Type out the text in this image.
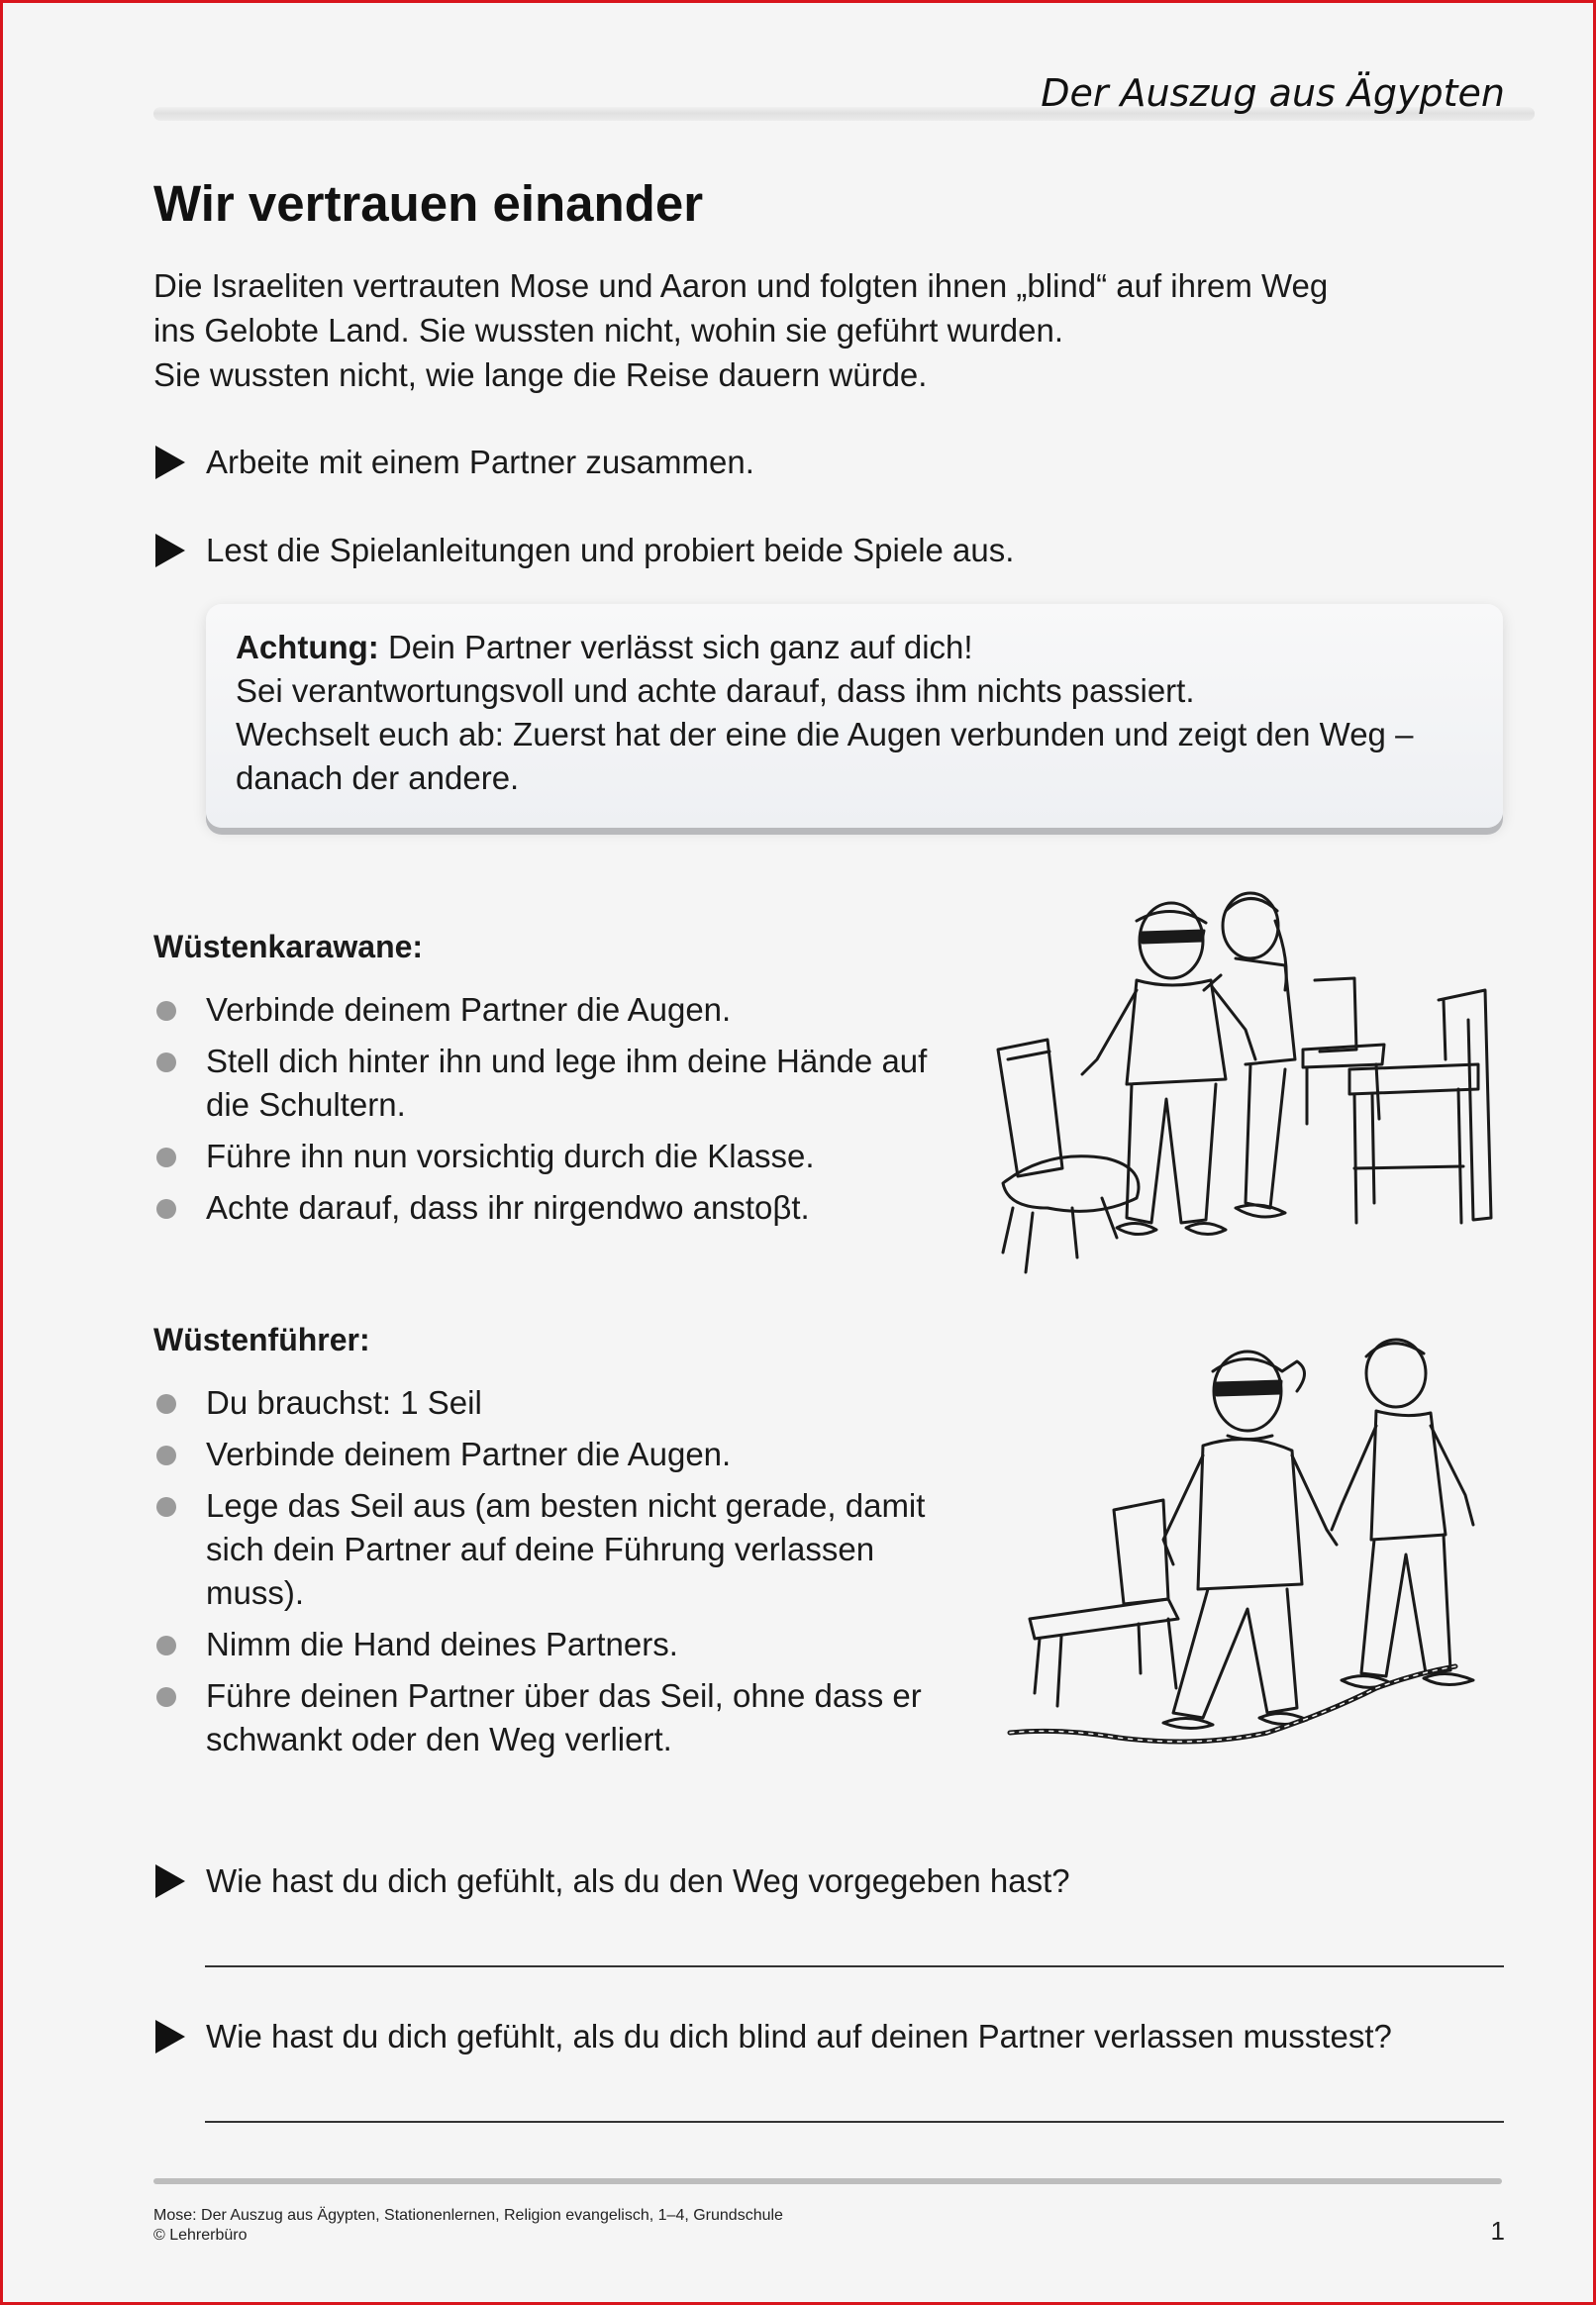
Der Auszug aus Ägypten
Wir vertrauen einander
Die Israeliten vertrauten Mose und Aaron und folgten ihnen „blind“ auf ihrem Weg
ins Gelobte Land. Sie wussten nicht, wohin sie geführt wurden.
Sie wussten nicht, wie lange die Reise dauern würde.
Arbeite mit einem Partner zusammen.
Lest die Spielanleitungen und probiert beide Spiele aus.
Achtung: Dein Partner verlässt sich ganz auf dich!
Sei verantwortungsvoll und achte darauf, dass ihm nichts passiert.
Wechselt euch ab: Zuerst hat der eine die Augen verbunden und zeigt den Weg –
danach der andere.
Wüstenkarawane:
Verbinde deinem Partner die Augen.
Stell dich hinter ihn und lege ihm deine Hände auf die Schultern.
Führe ihn nun vorsichtig durch die Klasse.
Achte darauf, dass ihr nirgendwo anstoβt.
Wüstenführer:
Du brauchst: 1 Seil
Verbinde deinem Partner die Augen.
Lege das Seil aus (am besten nicht gerade, damit sich dein Partner auf deine Führung verlassen muss).
Nimm die Hand deines Partners.
Führe deinen Partner über das Seil, ohne dass er schwankt oder den Weg verliert.
Wie hast du dich gefühlt, als du den Weg vorgegeben hast?
Wie hast du dich gefühlt, als du dich blind auf deinen Partner verlassen musstest?
Mose: Der Auszug aus Ägypten, Stationenlernen, Religion evangelisch, 1–4, Grundschule
© Lehrerbüro	1
